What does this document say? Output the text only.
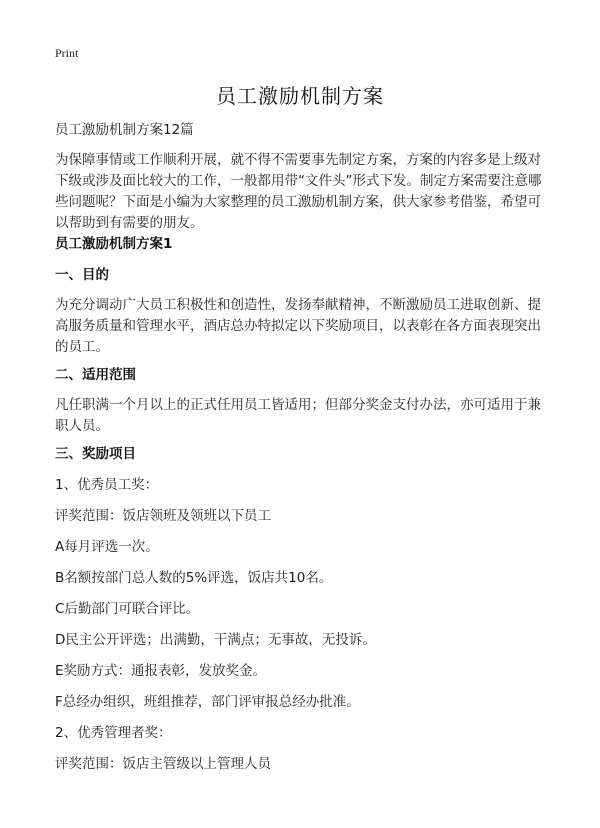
Print
员工激励机制方案
员工激励机制方案12篇
为保障事情或工作顺利开展，就不得不需要事先制定方案，方案的内容多是上级对
下级或涉及面比较大的工作，一般都用带“文件头”形式下发。制定方案需要注意哪
些问题呢？下面是小编为大家整理的员工激励机制方案，供大家参考借鉴，希望可
以帮助到有需要的朋友。
员工激励机制方案1
一、目的
为充分调动广大员工积极性和创造性，发扬奉献精神，不断激励员工进取创新、提
高服务质量和管理水平，酒店总办特拟定以下奖励项目，以表彰在各方面表现突出
的员工。
二、适用范围
凡任职满一个月以上的正式任用员工皆适用；但部分奖金支付办法，亦可适用于兼
职人员。
三、奖励项目
1、优秀员工奖：
评奖范围：饭店领班及领班以下员工
A每月评选一次。
B名额按部门总人数的5%评选，饭店共10名。
C后勤部门可联合评比。
D民主公开评选；出满勤，干满点；无事故，无投诉。
E奖励方式：通报表彰，发放奖金。
F总经办组织，班组推荐，部门评审报总经办批准。
2、优秀管理者奖：
评奖范围：饭店主管级以上管理人员
